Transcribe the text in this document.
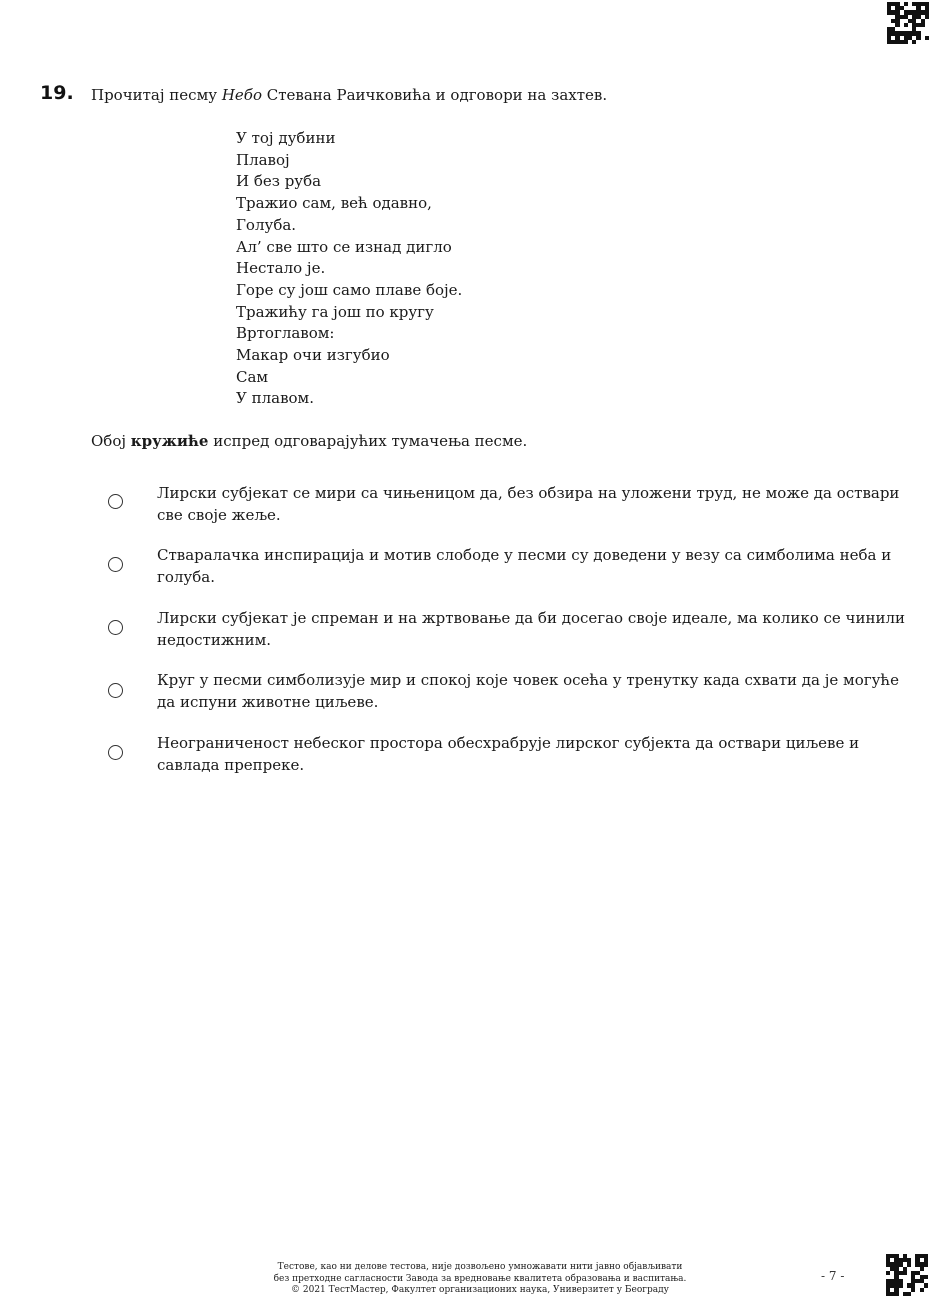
19. Прочитај песму Небо Стевана Раичковића и одговори на захтев.
У тој дубини
Плавој
И без руба
Тражио сам, већ одавно,
Голуба.
Ал’ све што се изнад дигло
Нестало је.
Горе су још само плаве боје.
Тражићу га још по кругу
Вртоглавом:
Макар очи изгубио
Сам
У плавом.
Обој кружиће испред одговарајућих тумачења песме.
Лирски субјекат се мири са чињеницом да, без обзира на уложени труд, не може да оствари
све своје жеље.
Стваралачка инспирација и мотив слободе у песми су доведени у везу са симболима неба и
голуба.
Лирски субјекат је спреман и на жртвовање да би досегао своје идеале, ма колико се чинили
недостижним.
Круг у песми симболизује мир и спокој које човек осећа у тренутку када схвати да је могуће
да испуни животне циљеве.
Неограниченост небеског простора обесхрабрује лирског субјекта да оствари циљеве и
савлада препреке.
Тестове, као ни делове тестова, није дозвољено умножавати нити јавно објављивати
без претходне сагласности Завода за вредновање квалитета образовања и васпитања.
© 2021 ТестМастер, Факултет организационих наука, Универзитет у Београду
- 7 -
